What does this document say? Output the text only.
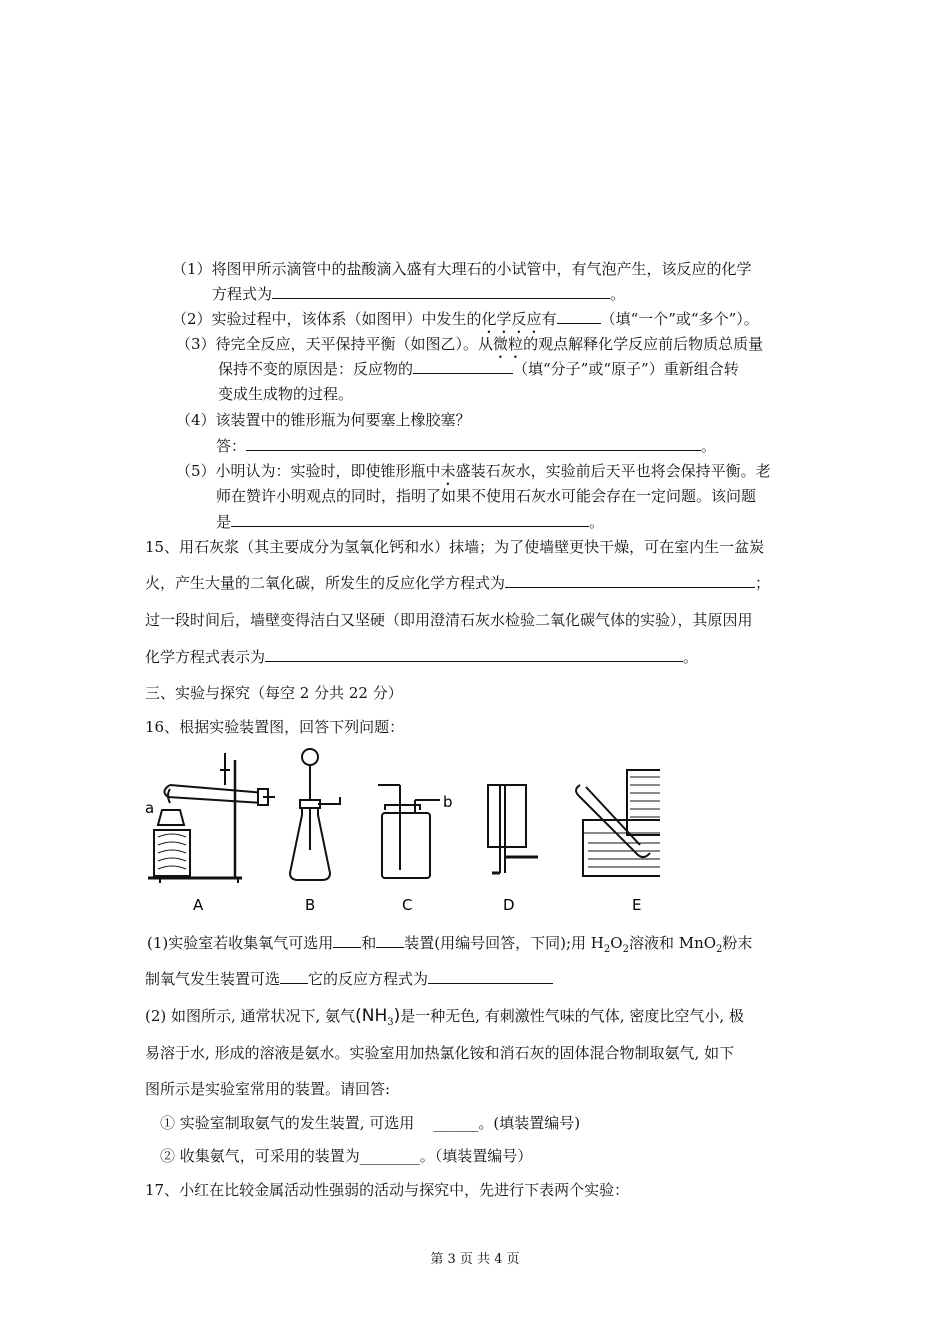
（1）将图甲所示滴管中的盐酸滴入盛有大理石的小试管中，有气泡产生，该反应的化学
方程式为	。
（2）实验过程中，该体系（如图甲）中发生的化学反应有	（填“一个”或“多个”）。
（3）待完全反应，天平保持平衡（如图乙）。从微粒的观点解释化学反应前后物质总质量
保持不变的原因是：反应物的	（填“分子”或“原子”）重新组合转
变成生成物的过程。
（4）该装置中的锥形瓶为何要塞上橡胶塞？
答：	。
（5）小明认为：实验时，即使锥形瓶中未盛装石灰水，实验前后天平也将会保持平衡。老
师在赞许小明观点的同时，指明了如果不使用石灰水可能会存在一定问题。该问题
是	。
15、用石灰浆（其主要成分为氢氧化钙和水）抹墙；为了使墙壁更快干燥，可在室内生一盆炭
火，产生大量的二氧化碳，所发生的反应化学方程式为	；
过一段时间后，墙壁变得洁白又坚硬（即用澄清石灰水检验二氧化碳气体的实验），其原因用
化学方程式表示为	。
三、实验与探究（每空 2 分共 22 分）
16、根据实验装置图，回答下列问题：
a	b
A	B	C	D	E
(1)实验室若收集氧气可选用 和 装置(用编号回答，下同);用 $H_2O_2$溶液和 MnO$_2$粉末
制氧气发生装置可选 它的反应方程式为
(2) 如图所示, 通常状况下, 氨气$(NH_3)$是一种无色, 有刺激性气味的气体, 密度比空气小, 极
易溶于水, 形成的溶液是氨水。实验室用加热氯化铵和消石灰的固体混合物制取氨气, 如下
图所示是实验室常用的装置。请回答:
① 实验室制取氨气的发生装置, 可选用 ______。(填装置编号)
② 收集氨气，可采用的装置为________。（填装置编号）
17、小红在比较金属活动性强弱的活动与探究中，先进行下表两个实验：
第 3 页 共 4 页
